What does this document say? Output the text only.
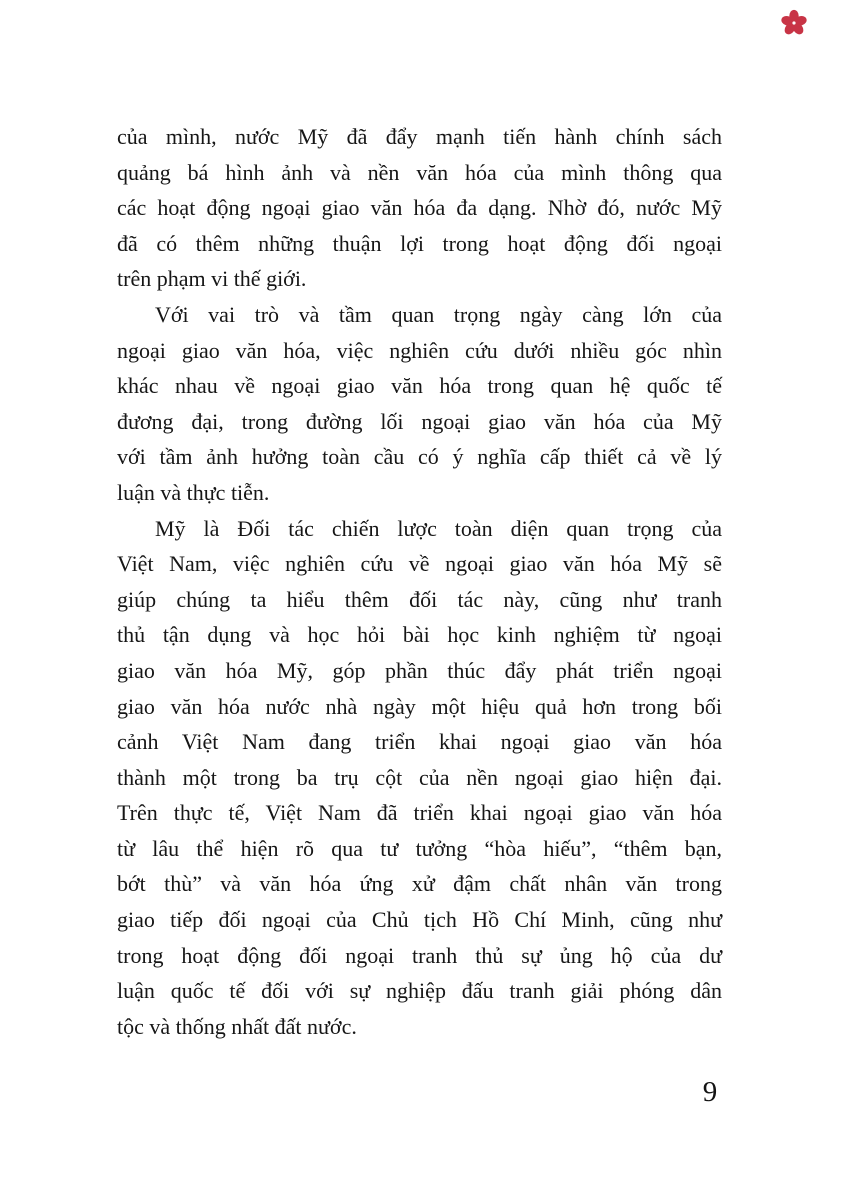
của mình, nước Mỹ đã đẩy mạnh tiến hành chính sách
quảng bá hình ảnh và nền văn hóa của mình thông qua
các hoạt động ngoại giao văn hóa đa dạng. Nhờ đó, nước Mỹ
đã có thêm những thuận lợi trong hoạt động đối ngoại
trên phạm vi thế giới.
Với vai trò và tầm quan trọng ngày càng lớn của
ngoại giao văn hóa, việc nghiên cứu dưới nhiều góc nhìn
khác nhau về ngoại giao văn hóa trong quan hệ quốc tế
đương đại, trong đường lối ngoại giao văn hóa của Mỹ
với tầm ảnh hưởng toàn cầu có ý nghĩa cấp thiết cả về lý
luận và thực tiễn.
Mỹ là Đối tác chiến lược toàn diện quan trọng của
Việt Nam, việc nghiên cứu về ngoại giao văn hóa Mỹ sẽ
giúp chúng ta hiểu thêm đối tác này, cũng như tranh
thủ tận dụng và học hỏi bài học kinh nghiệm từ ngoại
giao văn hóa Mỹ, góp phần thúc đẩy phát triển ngoại
giao văn hóa nước nhà ngày một hiệu quả hơn trong bối
cảnh Việt Nam đang triển khai ngoại giao văn hóa
thành một trong ba trụ cột của nền ngoại giao hiện đại.
Trên thực tế, Việt Nam đã triển khai ngoại giao văn hóa
từ lâu thể hiện rõ qua tư tưởng “hòa hiếu”, “thêm bạn,
bớt thù” và văn hóa ứng xử đậm chất nhân văn trong
giao tiếp đối ngoại của Chủ tịch Hồ Chí Minh, cũng như
trong hoạt động đối ngoại tranh thủ sự ủng hộ của dư
luận quốc tế đối với sự nghiệp đấu tranh giải phóng dân
tộc và thống nhất đất nước.
9
